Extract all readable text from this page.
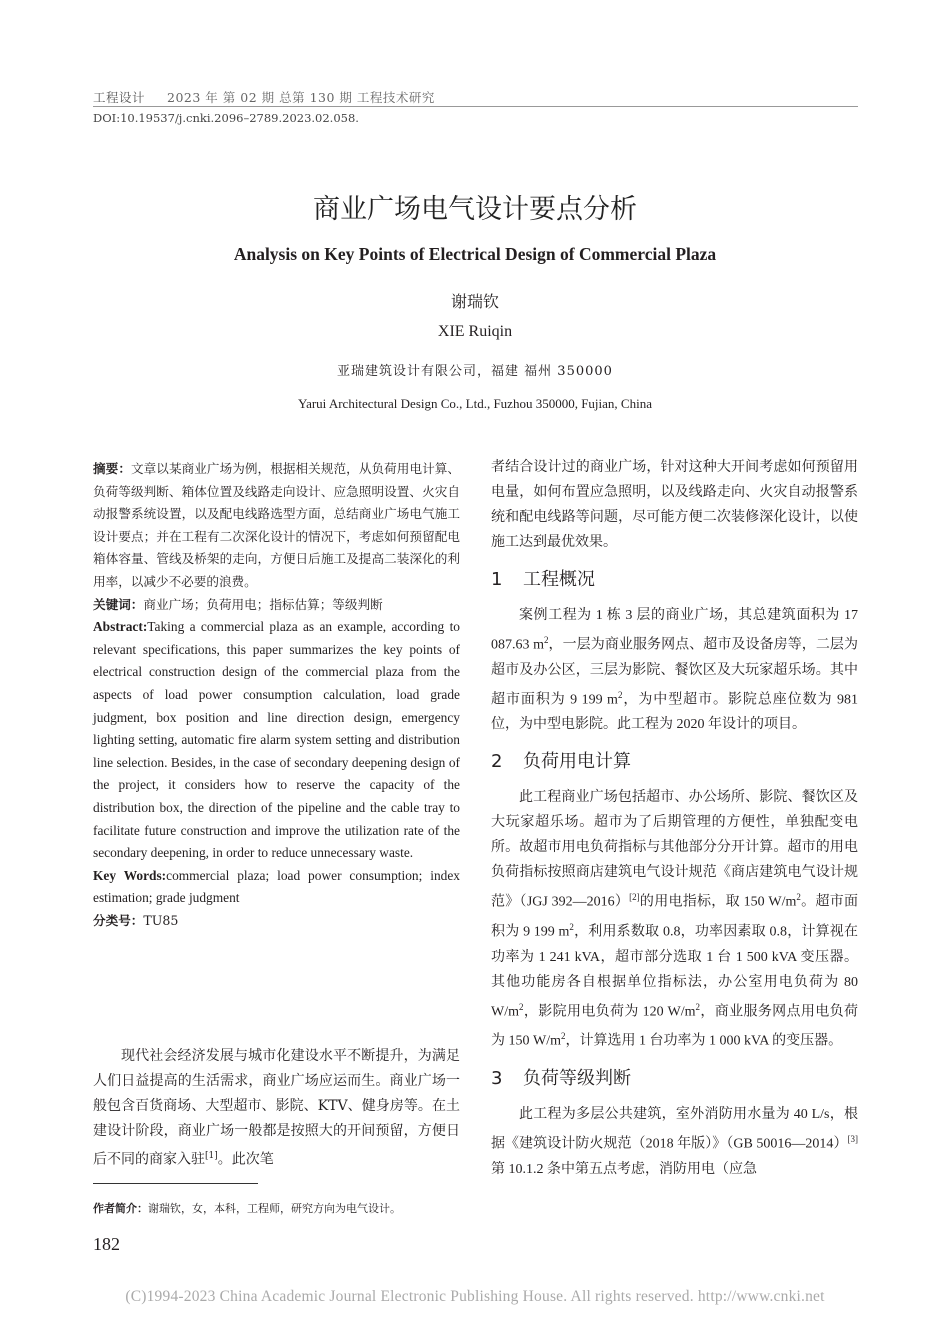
工程设计 2023 年 第 02 期 总第 130 期 工程技术研究
DOI:10.19537/j.cnki.2096–2789.2023.02.058.
商业广场电气设计要点分析
Analysis on Key Points of Electrical Design of Commercial Plaza
谢瑞钦
XIE Ruiqin
亚瑞建筑设计有限公司，福建 福州 350000
Yarui Architectural Design Co., Ltd., Fuzhou 350000, Fujian, China

摘要：文章以某商业广场为例，根据相关规范，从负荷用电计算、负荷等级判断、箱体位置及线路走向设计、应急照明设置、火灾自动报警系统设置，以及配电线路选型方面，总结商业广场电气施工设计要点；并在工程有二次深化设计的情况下，考虑如何预留配电箱体容量、管线及桥架的走向，方便日后施工及提高二装深化的利用率，以减少不必要的浪费。

关键词：商业广场；负荷用电；指标估算；等级判断

Abstract:Taking a commercial plaza as an example, according to relevant specifications, this paper summarizes the key points of electrical construction design of the commercial plaza from the aspects of load power consumption calculation, load grade judgment, box position and line direction design, emergency lighting setting, automatic fire alarm system setting and distribution line selection. Besides, in the case of secondary deepening design of the project, it considers how to reserve the capacity of the distribution box, the direction of the pipeline and the cable tray to facilitate future construction and improve the utilization rate of the secondary deepening, in order to reduce unnecessary waste.

Key Words:commercial plaza; load power consumption; index estimation; grade judgment

分类号：TU85

现代社会经济发展与城市化建设水平不断提升，为满足人们日益提高的生活需求，商业广场应运而生。商业广场一般包含百货商场、大型超市、影院、KTV、健身房等。在土建设计阶段，商业广场一般都是按照大的开间预留，方便日后不同的商家入驻[1]。此次笔
作者简介：谢瑞钦，女，本科，工程师，研究方向为电气设计。
182

者结合设计过的商业广场，针对这种大开间考虑如何预留用电量，如何布置应急照明，以及线路走向、火灾自动报警系统和配电线路等问题，尽可能方便二次装修深化设计，以使施工达到最优效果。

1 工程概况

案例工程为 1 栋 3 层的商业广场，其总建筑面积为 17 087.63 $m^2$，一层为商业服务网点、超市及设备房等，二层为超市及办公区，三层为影院、餐饮区及大玩家超乐场。其中超市面积为 9 199 $m^2$，为中型超市。影院总座位数为 981 位，为中型电影院。此工程为 2020 年设计的项目。

2 负荷用电计算

此工程商业广场包括超市、办公场所、影院、餐饮区及大玩家超乐场。超市为了后期管理的方便性，单独配变电所。故超市用电负荷指标与其他部分分开计算。超市的用电负荷指标按照商店建筑电气设计规范《商店建筑电气设计规范》（JGJ 392—2016）[2]的用电指标，取 150 $W/m^2$。超市面积为 9 199 $m^2$，利用系数取 0.8，功率因素取 0.8，计算视在功率为 1 241 kVA，超市部分选取 1 台 1 500 kVA 变压器。其他功能房各自根据单位指标法，办公室用电负荷为 80 $W/m^2$，影院用电负荷为 120 $W/m^2$，商业服务网点用电负荷为 150 $W/m^2$，计算选用 1 台功率为 1 000 kVA 的变压器。

3 负荷等级判断

此工程为多层公共建筑，室外消防用水量为 40 L/s，根据《建筑设计防火规范（2018 年版）》（GB 50016—2014）[3]第 10.1.2 条中第五点考虑，消防用电（应急

(C)1994-2023 China Academic Journal Electronic Publishing House. All rights reserved. http://www.cnki.net
